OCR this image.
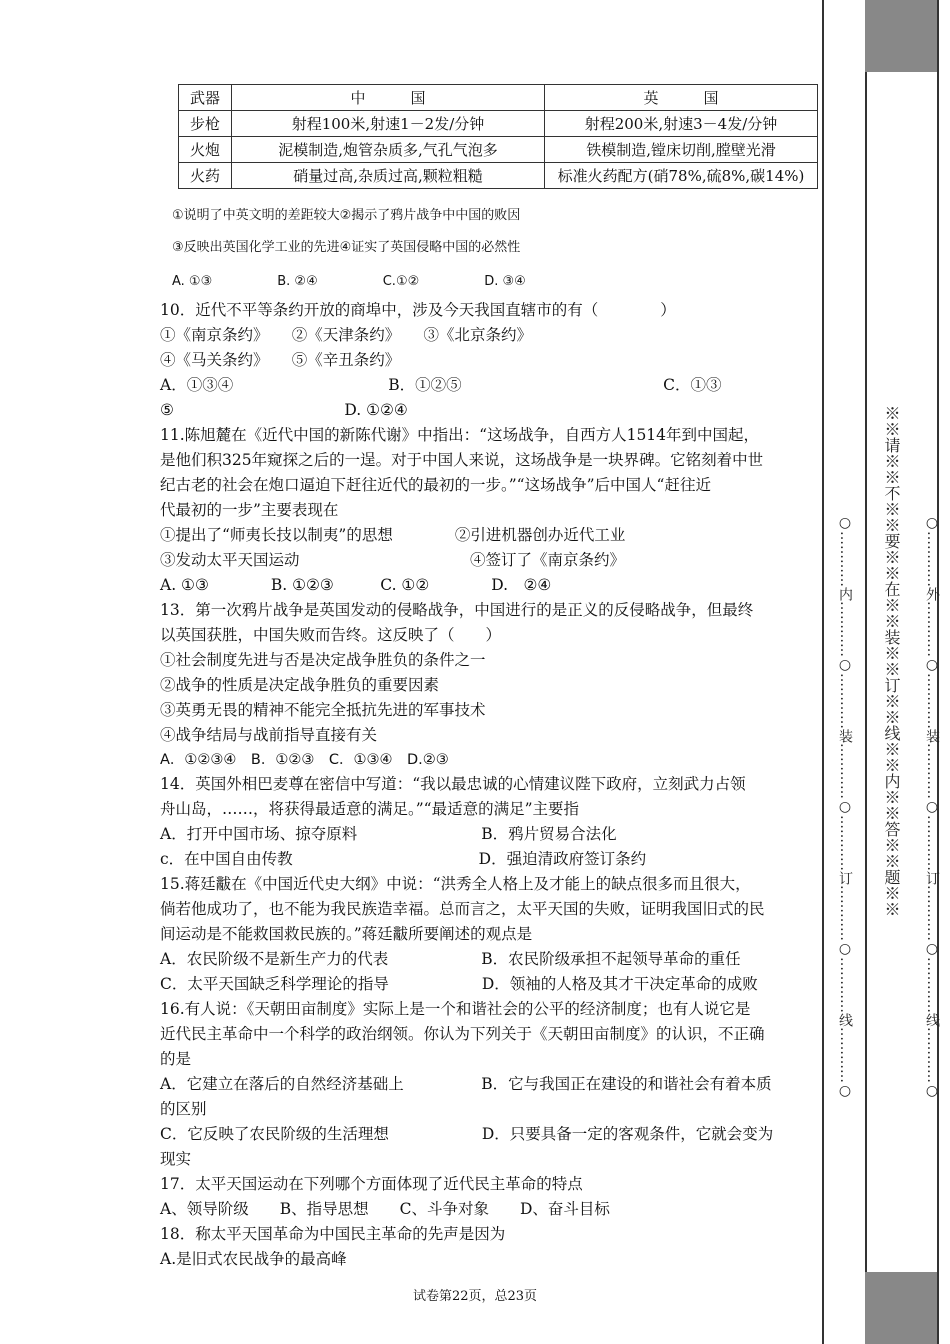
武器	中　　　国	英　　　国
步枪	射程100米,射速1－2发/分钟	射程200米,射速3－4发/分钟
火炮	泥模制造,炮管杂质多,气孔气泡多	铁模制造,镗床切削,膛壁光滑
火药	硝量过高,杂质过高,颗粒粗糙	标准火药配方(硝78%,硫8%,碳14%)
①说明了中英文明的差距较大②揭示了鸦片战争中中国的败因
③反映出英国化学工业的先进④证实了英国侵略中国的必然性
A. ①③　　　　　B. ②④　　　　　C.①②　　　　　D. ③④
10．近代不平等条约开放的商埠中，涉及今天我国直辖市的有（　　　　）
①《南京条约》　　②《天津条约》　　③《北京条约》
④《马关条约》　　⑤《辛丑条约》
A．①③④　　　　　　　　　　B．①②⑤　　　　　　　　　　　　　C．①③
⑤　　　　　　　　　　　D. ①②④
11.陈旭麓在《近代中国的新陈代谢》中指出：“这场战争，自西方人1514年到中国起，
是他们积325年窥探之后的一逞。对于中国人来说，这场战争是一块界碑。它铭刻着中世
纪古老的社会在炮口逼迫下赶往近代的最初的一步。”“这场战争”后中国人“赶往近
代最初的一步”主要表现在
①提出了“师夷长技以制夷”的思想　　　　②引进机器创办近代工业
③发动太平天国运动　　　　　　　　　　　④签订了《南京条约》
A. ①③　　　　B. ①②③　　　C. ①②　　　　D.　②④
13．第一次鸦片战争是英国发动的侵略战争，中国进行的是正义的反侵略战争，但最终
以英国获胜，中国失败而告终。这反映了（　　）
①社会制度先进与否是决定战争胜负的条件之一
②战争的性质是决定战争胜负的重要因素
③英勇无畏的精神不能完全抵抗先进的军事技术
④战争结局与战前指导直接有关
A．①②③④　B．①②③　C．①③④　D.②③
14．英国外相巴麦尊在密信中写道：“我以最忠诚的心情建议陛下政府，立刻武力占领
舟山岛，……，将获得最适意的满足。”“最适意的满足”主要指
A．打开中国市场、掠夺原料　　　　　　　　B．鸦片贸易合法化
c．在中国自由传教　　　　　　　　　　　　D．强迫清政府签订条约
15.蒋廷黻在《中国近代史大纲》中说：“洪秀全人格上及才能上的缺点很多而且很大，
倘若他成功了，也不能为我民族造幸福。总而言之，太平天国的失败，证明我国旧式的民
间运动是不能救国救民族的。”蒋廷黻所要阐述的观点是
A．农民阶级不是新生产力的代表　　　　　　B．农民阶级承担不起领导革命的重任
C．太平天国缺乏科学理论的指导　　　　　　D．领袖的人格及其才干决定革命的成败
16.有人说：《天朝田亩制度》实际上是一个和谐社会的公平的经济制度；也有人说它是
近代民主革命中一个科学的政治纲领。你认为下列关于《天朝田亩制度》的认识，不正确
的是
A．它建立在落后的自然经济基础上　　　　　B．它与我国正在建设的和谐社会有着本质
的区别
C．它反映了农民阶级的生活理想　　　　　　D．只要具备一定的客观条件，它就会变为
现实
17．太平天国运动在下列哪个方面体现了近代民主革命的特点
A、领导阶级　　B、指导思想　　C、斗争对象　　D、奋斗目标
18．称太平天国革命为中国民主革命的先声是因为
A.是旧式农民战争的最高峰
试卷第22页，总23页
○…………内…………○…………装…………○…………订…………○…………线…………○ ※※请※※不※※要※※在※※装※※订※※线※※内※※答※※题※※ ○…………外…………○…………装…………○…………订…………○…………线…………○
